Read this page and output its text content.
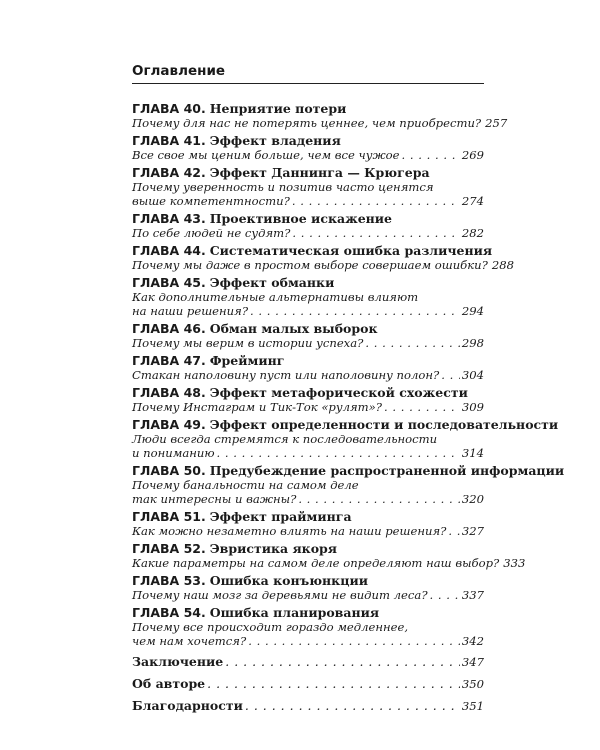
Оглавление
ГЛАВА 40. Неприятие потери
Почему для нас не потерять ценнее, чем приобрести? 257
ГЛАВА 41. Эффект владения
Все свое мы ценим больше, чем все чужое . . .	269
ГЛАВА 42. Эффект Даннинга — Крюгера
Почему уверенность и позитив часто ценятся
выше компетентности? . . .	274
ГЛАВА 43. Проективное искажение
По себе людей не судят? . . .	282
ГЛАВА 44. Систематическая ошибка различения
Почему мы даже в простом выборе совершаем ошибки? 288
ГЛАВА 45. Эффект обманки
Как дополнительные альтернативы влияют
на наши решения? . . .	294
ГЛАВА 46. Обман малых выборок
Почему мы верим в истории успеха? . . .	298
ГЛАВА 47. Фрейминг
Стакан наполовину пуст или наполовину полон? . . . 304
ГЛАВА 48. Эффект метафорической схожести
Почему Инстаграм и Тик-Ток «рулят»? . . .	309
ГЛАВА 49. Эффект определенности и последовательности
Люди всегда стремятся к последовательности
и пониманию . . .	314
ГЛАВА 50. Предубеждение распространенной информации
Почему банальности на самом деле
так интересны и важны? . . .	320
ГЛАВА 51. Эффект прайминга
Как можно незаметно влиять на наши решения? . . . 327
ГЛАВА 52. Эвристика якоря
Какие параметры на самом деле определяют наш выбор? 333
ГЛАВА 53. Ошибка конъюнкции
Почему наш мозг за деревьями не видит леса? . . .	337
ГЛАВА 54. Ошибка планирования
Почему все происходит гораздо медленнее,
чем нам хочется? . . .	342
Заключение . . .	347
Об авторе . . .	350
Благодарности . . .	351
